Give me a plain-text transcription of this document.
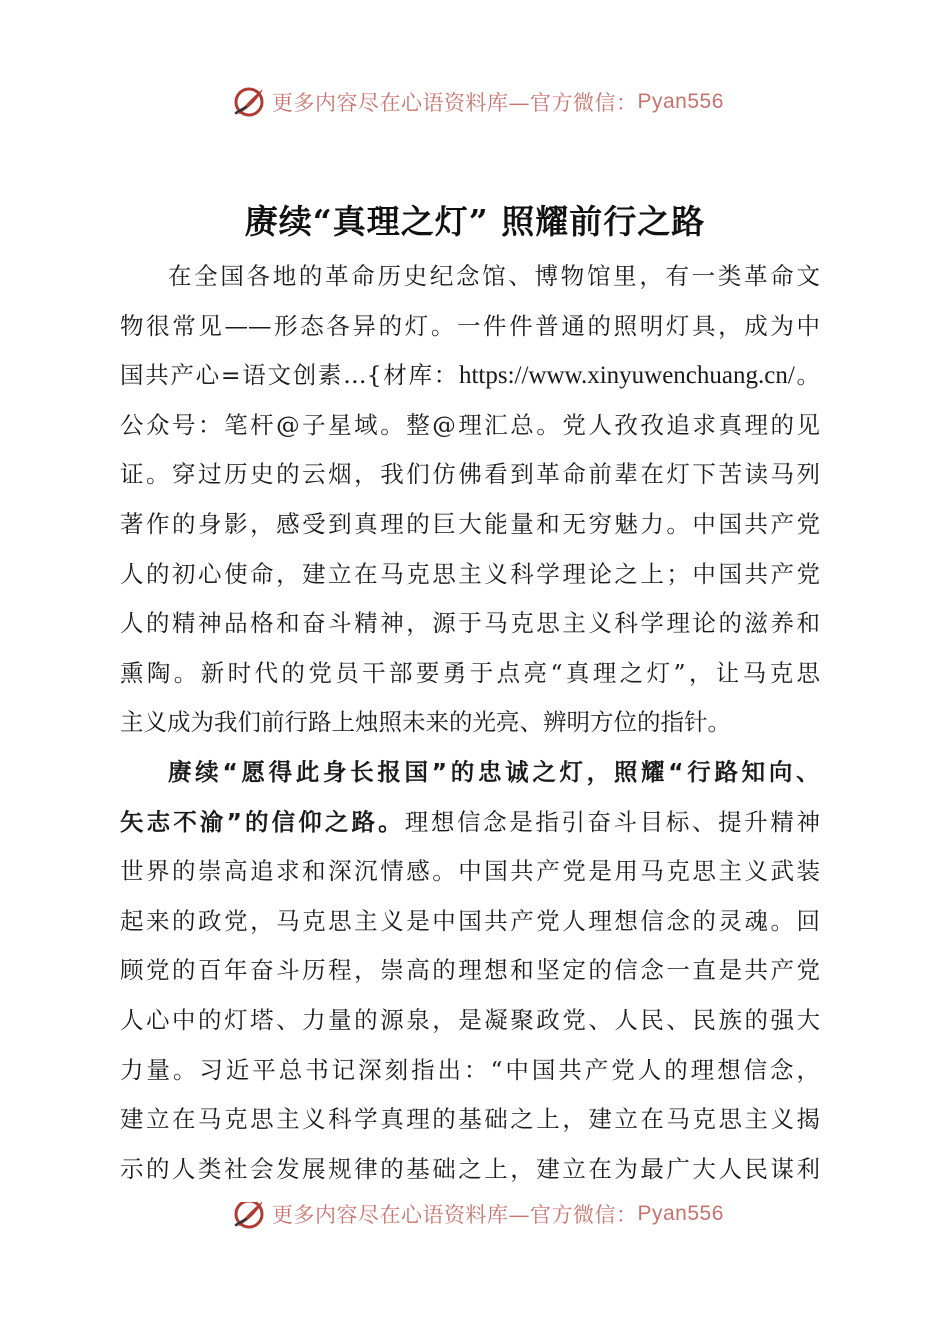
更多内容尽在心语资料库—官方微信： Pyan556
赓续“真理之灯” 照耀前行之路
在全国各地的革命历史纪念馆、博物馆里，有一类革命文
物很常见——形态各异的灯。一件件普通的照明灯具，成为中
国共产心=语文创素…{材库：https://www.xinyuwenchuang.cn/。
公众号：笔杆@子星域。整@理汇总。党人孜孜追求真理的见
证。穿过历史的云烟，我们仿佛看到革命前辈在灯下苦读马列
著作的身影，感受到真理的巨大能量和无穷魅力。中国共产党
人的初心使命，建立在马克思主义科学理论之上；中国共产党
人的精神品格和奋斗精神，源于马克思主义科学理论的滋养和
熏陶。新时代的党员干部要勇于点亮“真理之灯”，让马克思
主义成为我们前行路上烛照未来的光亮、辨明方位的指针。
赓续“愿得此身长报国”的忠诚之灯，照耀“行路知向、
矢志不渝”的信仰之路。理想信念是指引奋斗目标、提升精神
世界的崇高追求和深沉情感。中国共产党是用马克思主义武装
起来的政党，马克思主义是中国共产党人理想信念的灵魂。回
顾党的百年奋斗历程，崇高的理想和坚定的信念一直是共产党
人心中的灯塔、力量的源泉，是凝聚政党、人民、民族的强大
力量。习近平总书记深刻指出：“中国共产党人的理想信念，
建立在马克思主义科学真理的基础之上，建立在马克思主义揭
示的人类社会发展规律的基础之上，建立在为最广大人民谋利
更多内容尽在心语资料库—官方微信： Pyan556
